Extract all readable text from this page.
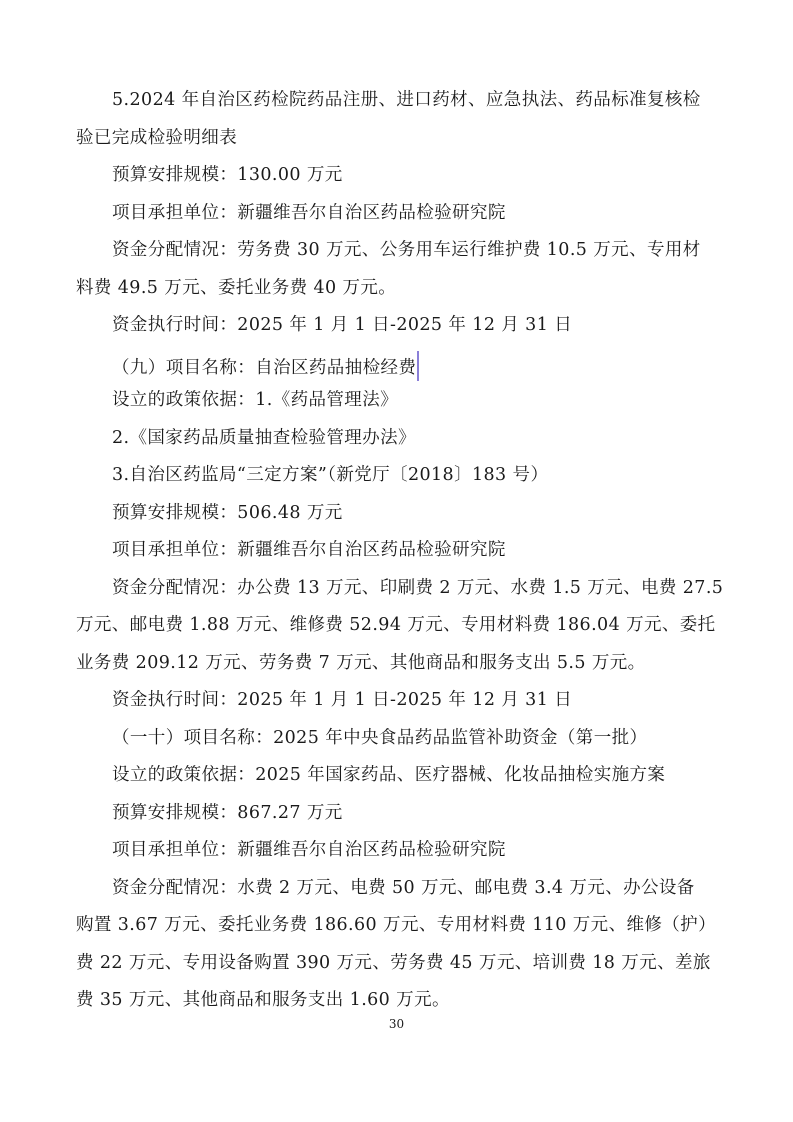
5.2024 年自治区药检院药品注册、进口药材、应急执法、药品标准复核检
验已完成检验明细表
预算安排规模：130.00 万元
项目承担单位：新疆维吾尔自治区药品检验研究院
资金分配情况：劳务费 30 万元、公务用车运行维护费 10.5 万元、专用材
料费 49.5 万元、委托业务费 40 万元。
资金执行时间：2025 年 1 月 1 日-2025 年 12 月 31 日
（九）项目名称：自治区药品抽检经费
设立的政策依据：1.《药品管理法》
2.《国家药品质量抽查检验管理办法》
3.自治区药监局“三定方案”（新党厅〔2018〕183 号）
预算安排规模：506.48 万元
项目承担单位：新疆维吾尔自治区药品检验研究院
资金分配情况：办公费 13 万元、印刷费 2 万元、水费 1.5 万元、电费 27.5
万元、邮电费 1.88 万元、维修费 52.94 万元、专用材料费 186.04 万元、委托
业务费 209.12 万元、劳务费 7 万元、其他商品和服务支出 5.5 万元。
资金执行时间：2025 年 1 月 1 日-2025 年 12 月 31 日
（一十）项目名称：2025 年中央食品药品监管补助资金（第一批）
设立的政策依据：2025 年国家药品、医疗器械、化妆品抽检实施方案
预算安排规模：867.27 万元
项目承担单位：新疆维吾尔自治区药品检验研究院
资金分配情况：水费 2 万元、电费 50 万元、邮电费 3.4 万元、办公设备
购置 3.67 万元、委托业务费 186.60 万元、专用材料费 110 万元、维修（护）
费 22 万元、专用设备购置 390 万元、劳务费 45 万元、培训费 18 万元、差旅
费 35 万元、其他商品和服务支出 1.60 万元。
30
